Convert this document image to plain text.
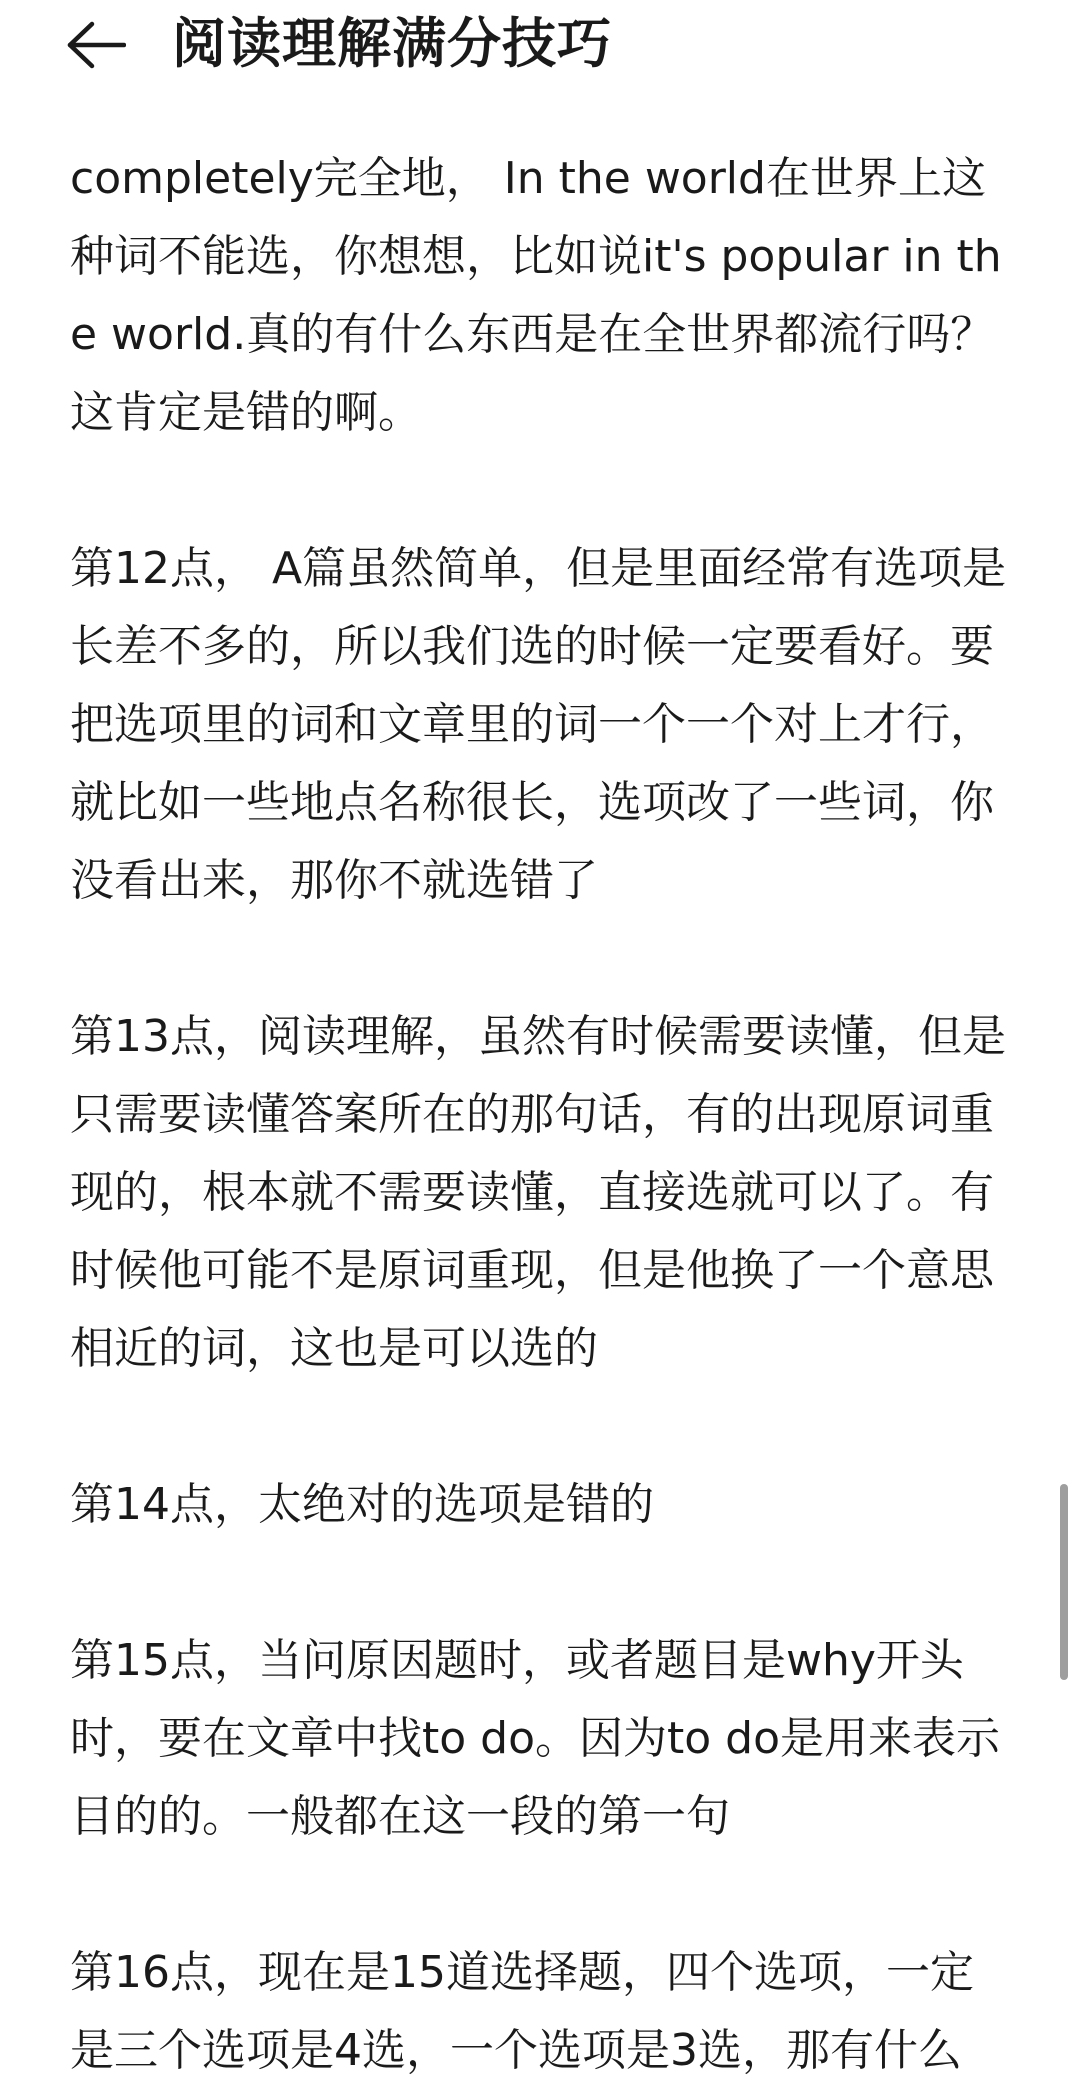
阅读理解满分技巧

completely完全地， In the world在世界上这种词不能选，你想想，比如说it's popular in the world.真的有什么东西是在全世界都流行吗？这肯定是错的啊。

第12点， A篇虽然简单，但是里面经常有选项是长差不多的，所以我们选的时候一定要看好。要把选项里的词和文章里的词一个一个对上才行，就比如一些地点名称很长，选项改了一些词，你没看出来，那你不就选错了

第13点，阅读理解，虽然有时候需要读懂，但是只需要读懂答案所在的那句话，有的出现原词重现的，根本就不需要读懂，直接选就可以了。有时候他可能不是原词重现，但是他换了一个意思相近的词，这也是可以选的

第14点，太绝对的选项是错的

第15点，当问原因题时，或者题目是why开头时，要在文章中找to do。因为to do是用来表示目的的。一般都在这一段的第一句

第16点，现在是15道选择题，四个选项，一定是三个选项是4选，一个选项是3选，那有什么
